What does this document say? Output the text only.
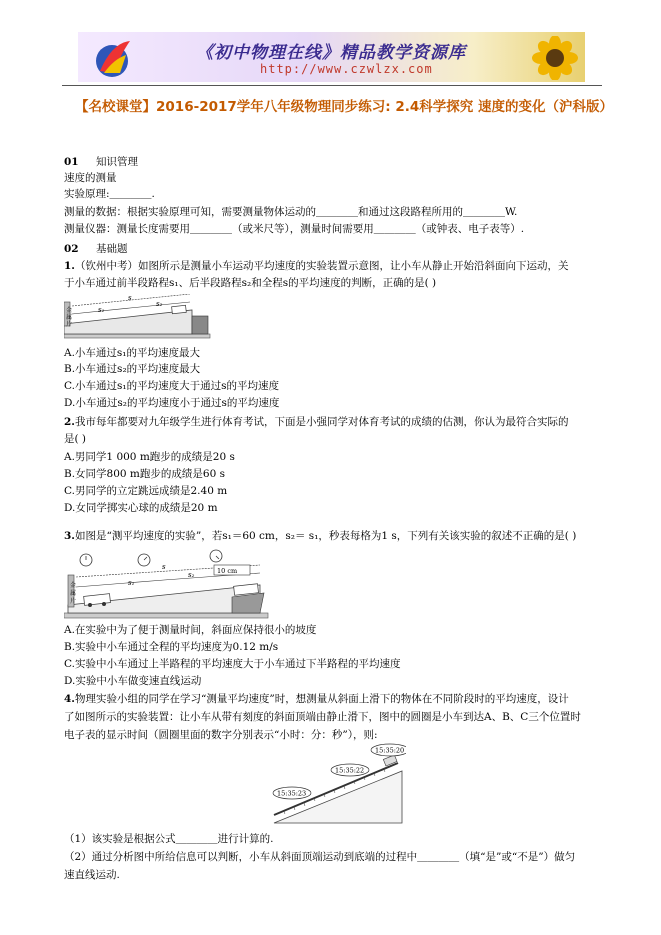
《初中物理在线》精品教学资源库
http://www.czwlzx.com
【名校课堂】2016-2017学年八年级物理同步练习: 2.4科学探究 速度的变化（沪科版）
01 知识管理
速度的测量
实验原理:＿＿＿＿.
测量的数据：根据实验原理可知，需要测量物体运动的＿＿＿＿和通过这段路程所用的＿＿＿＿W.
测量仪器：测量长度需要用＿＿＿＿（或米尺等），测量时间需要用＿＿＿＿（或钟表、电子表等）.
02 基础题
1. （钦州中考）如图所示是测量小车运动平均速度的实验装置示意图，让小车从静止开始沿斜面向下运动，关
于小车通过前半段路程s₁、后半段路程s₂和全程s的平均速度的判断，正确的是( )
金
属
片
s₁
s₂
s
A.小车通过s₁的平均速度最大
B.小车通过s₂的平均速度最大
C.小车通过s₁的平均速度大于通过s的平均速度
D.小车通过s₂的平均速度小于通过s的平均速度
2. 我市每年都要对九年级学生进行体育考试，下面是小强同学对体育考试的成绩的估测，你认为最符合实际的
是( )
A.男同学1 000 m跑步的成绩是20 s
B.女同学800 m跑步的成绩是60 s
C.男同学的立定跳远成绩是2.40 m
D.女同学掷实心球的成绩是20 m
3. 如图是“测平均速度的实验”，若s₁＝60 cm，s₂＝ s₁，秒表每格为1 s，下列有关该实验的叙述不正确的是( )
金
属
片
s₁
s₂
s	10 cm
A.在实验中为了便于测量时间，斜面应保持很小的坡度
B.实验中小车通过全程的平均速度为0.12 m/s
C.实验中小车通过上半路程的平均速度大于小车通过下半路程的平均速度
D.实验中小车做变速直线运动
4. 物理实验小组的同学在学习“测量平均速度”时，想测量从斜面上滑下的物体在不同阶段时的平均速度，设计
了如图所示的实验装置：让小车从带有刻度的斜面顶端由静止滑下，图中的圆圈是小车到达A、B、C三个位置时
电子表的显示时间（圆圈里面的数字分别表示“小时：分：秒”），则:
15:35:20
15:35:22
15:35:23
（1）该实验是根据公式＿＿＿＿进行计算的.
（2）通过分析图中所给信息可以判断，小车从斜面顶端运动到底端的过程中＿＿＿＿（填“是”或“不是”）做匀
速直线运动.
